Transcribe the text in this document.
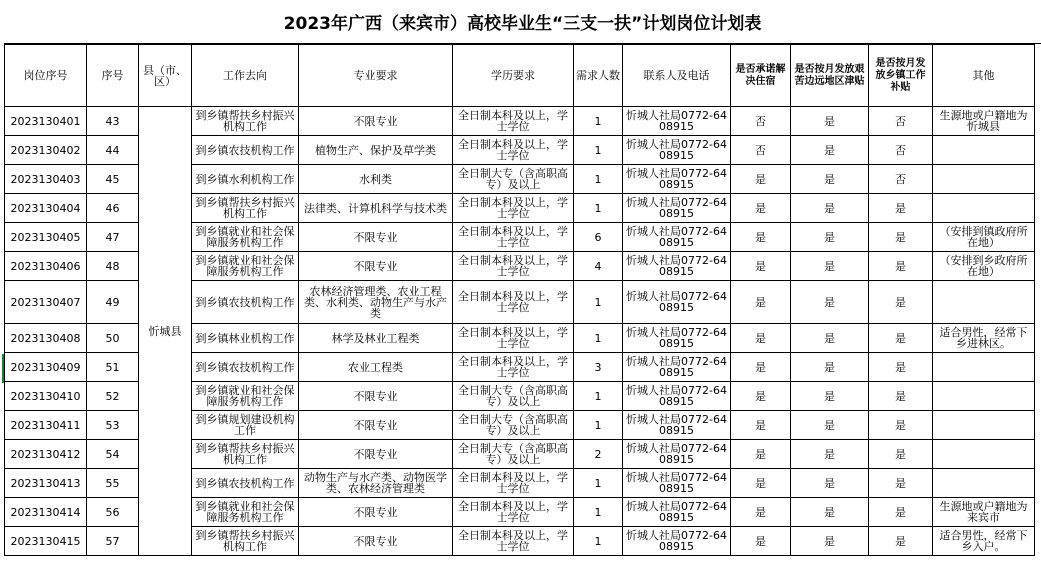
2023年广西（来宾市）高校毕业生“三支一扶”计划岗位计划表
岗位序号	序号	县（市、区）	工作去向	专业要求	学历要求	需求人数	联系人及电话	是否承诺解决住宿	是否按月发放艰苦边远地区津贴	是否按月发放乡镇工作补贴	其他
2023130401	43	忻城县	到乡镇帮扶乡村振兴机构工作	不限专业	全日制本科及以上，学士学位	1	忻城人社局0772-6408915	否	是	否	生源地或户籍地为忻城县
2023130402	44		到乡镇农技机构工作	植物生产、保护及草学类	全日制本科及以上，学士学位	1	忻城人社局0772-6408915	否	是	否	
2023130403	45		到乡镇水利机构工作	水利类	全日制大专（含高职高专）及以上	1	忻城人社局0772-6408915	是	是	否	
2023130404	46		到乡镇帮扶乡村振兴机构工作	法律类、计算机科学与技术类	全日制本科及以上，学士学位	1	忻城人社局0772-6408915	是	是	是	
2023130405	47		到乡镇就业和社会保障服务机构工作	不限专业	全日制本科及以上，学士学位	6	忻城人社局0772-6408915	是	是	是	（安排到镇政府所在地）
2023130406	48		到乡镇就业和社会保障服务机构工作	不限专业	全日制本科及以上，学士学位	4	忻城人社局0772-6408915	是	是	是	（安排到乡政府所在地）
2023130407	49		到乡镇农技机构工作	农林经济管理类、农业工程类、水利类、动物生产与水产类	全日制本科及以上，学士学位	1	忻城人社局0772-6408915	是	是	是	
2023130408	50		到乡镇林业机构工作	林学及林业工程类	全日制本科及以上，学士学位	1	忻城人社局0772-6408915	是	是	是	适合男性，经常下乡进林区。
2023130409	51		到乡镇农技机构工作	农业工程类	全日制本科及以上，学士学位	3	忻城人社局0772-6408915	是	是	是	
2023130410	52		到乡镇就业和社会保障服务机构工作	不限专业	全日制大专（含高职高专）及以上	1	忻城人社局0772-6408915	是	是	是	
2023130411	53		到乡镇规划建设机构工作	不限专业	全日制大专（含高职高专）及以上	1	忻城人社局0772-6408915	是	是	是	
2023130412	54		到乡镇帮扶乡村振兴机构工作	不限专业	全日制大专（含高职高专）及以上	2	忻城人社局0772-6408915	是	是	是	
2023130413	55		到乡镇农技机构工作	动物生产与水产类、动物医学类、农林经济管理类	全日制本科及以上，学士学位	1	忻城人社局0772-6408915	是	是	是	
2023130414	56		到乡镇就业和社会保障服务机构工作	不限专业	全日制本科及以上，学士学位	1	忻城人社局0772-6408915	是	是	是	生源地或户籍地为来宾市
2023130415	57		到乡镇帮扶乡村振兴机构工作	不限专业	全日制本科及以上，学士学位	1	忻城人社局0772-6408915	是	是	是	适合男性，经常下乡入户。
